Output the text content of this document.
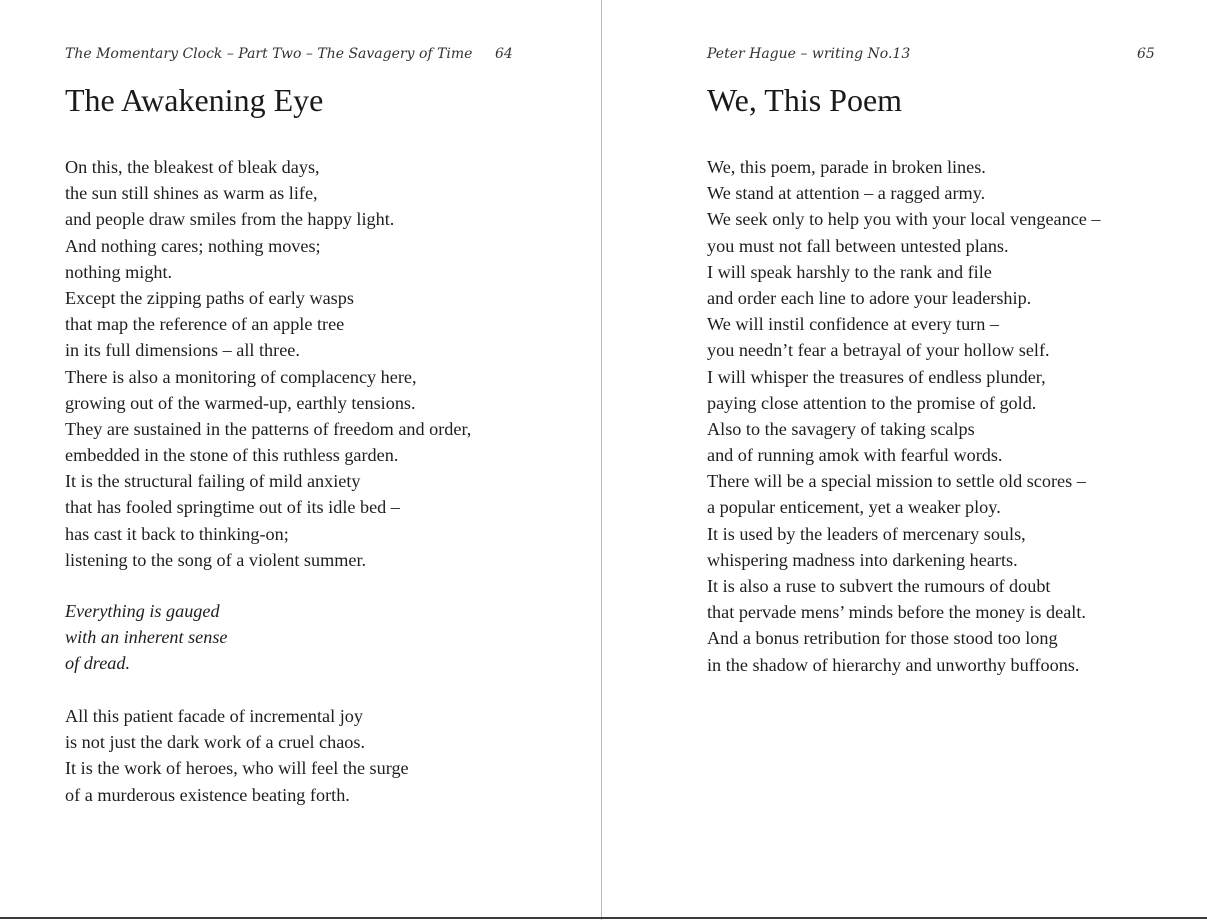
The Momentary Clock – Part Two – The Savagery of Time 64
The Awakening Eye
On this, the bleakest of bleak days,
the sun still shines as warm as life,
and people draw smiles from the happy light.
And nothing cares; nothing moves;
nothing might.
Except the zipping paths of early wasps
that map the reference of an apple tree
in its full dimensions – all three.
There is also a monitoring of complacency here,
growing out of the warmed-up, earthly tensions.
They are sustained in the patterns of freedom and order,
embedded in the stone of this ruthless garden.
It is the structural failing of mild anxiety
that has fooled springtime out of its idle bed –
has cast it back to thinking-on;
listening to the song of a violent summer.
Everything is gauged
with an inherent sense
of dread.
All this patient facade of incremental joy
is not just the dark work of a cruel chaos.
It is the work of heroes, who will feel the surge
of a murderous existence beating forth.
Peter Hague – writing No.13	65
We, This Poem
We, this poem, parade in broken lines.
We stand at attention – a ragged army.
We seek only to help you with your local vengeance –
you must not fall between untested plans.
I will speak harshly to the rank and file
and order each line to adore your leadership.
We will instil confidence at every turn –
you needn’t fear a betrayal of your hollow self.
I will whisper the treasures of endless plunder,
paying close attention to the promise of gold.
Also to the savagery of taking scalps
and of running amok with fearful words.
There will be a special mission to settle old scores –
a popular enticement, yet a weaker ploy.
It is used by the leaders of mercenary souls,
whispering madness into darkening hearts.
It is also a ruse to subvert the rumours of doubt
that pervade mens’ minds before the money is dealt.
And a bonus retribution for those stood too long
in the shadow of hierarchy and unworthy buffoons.
